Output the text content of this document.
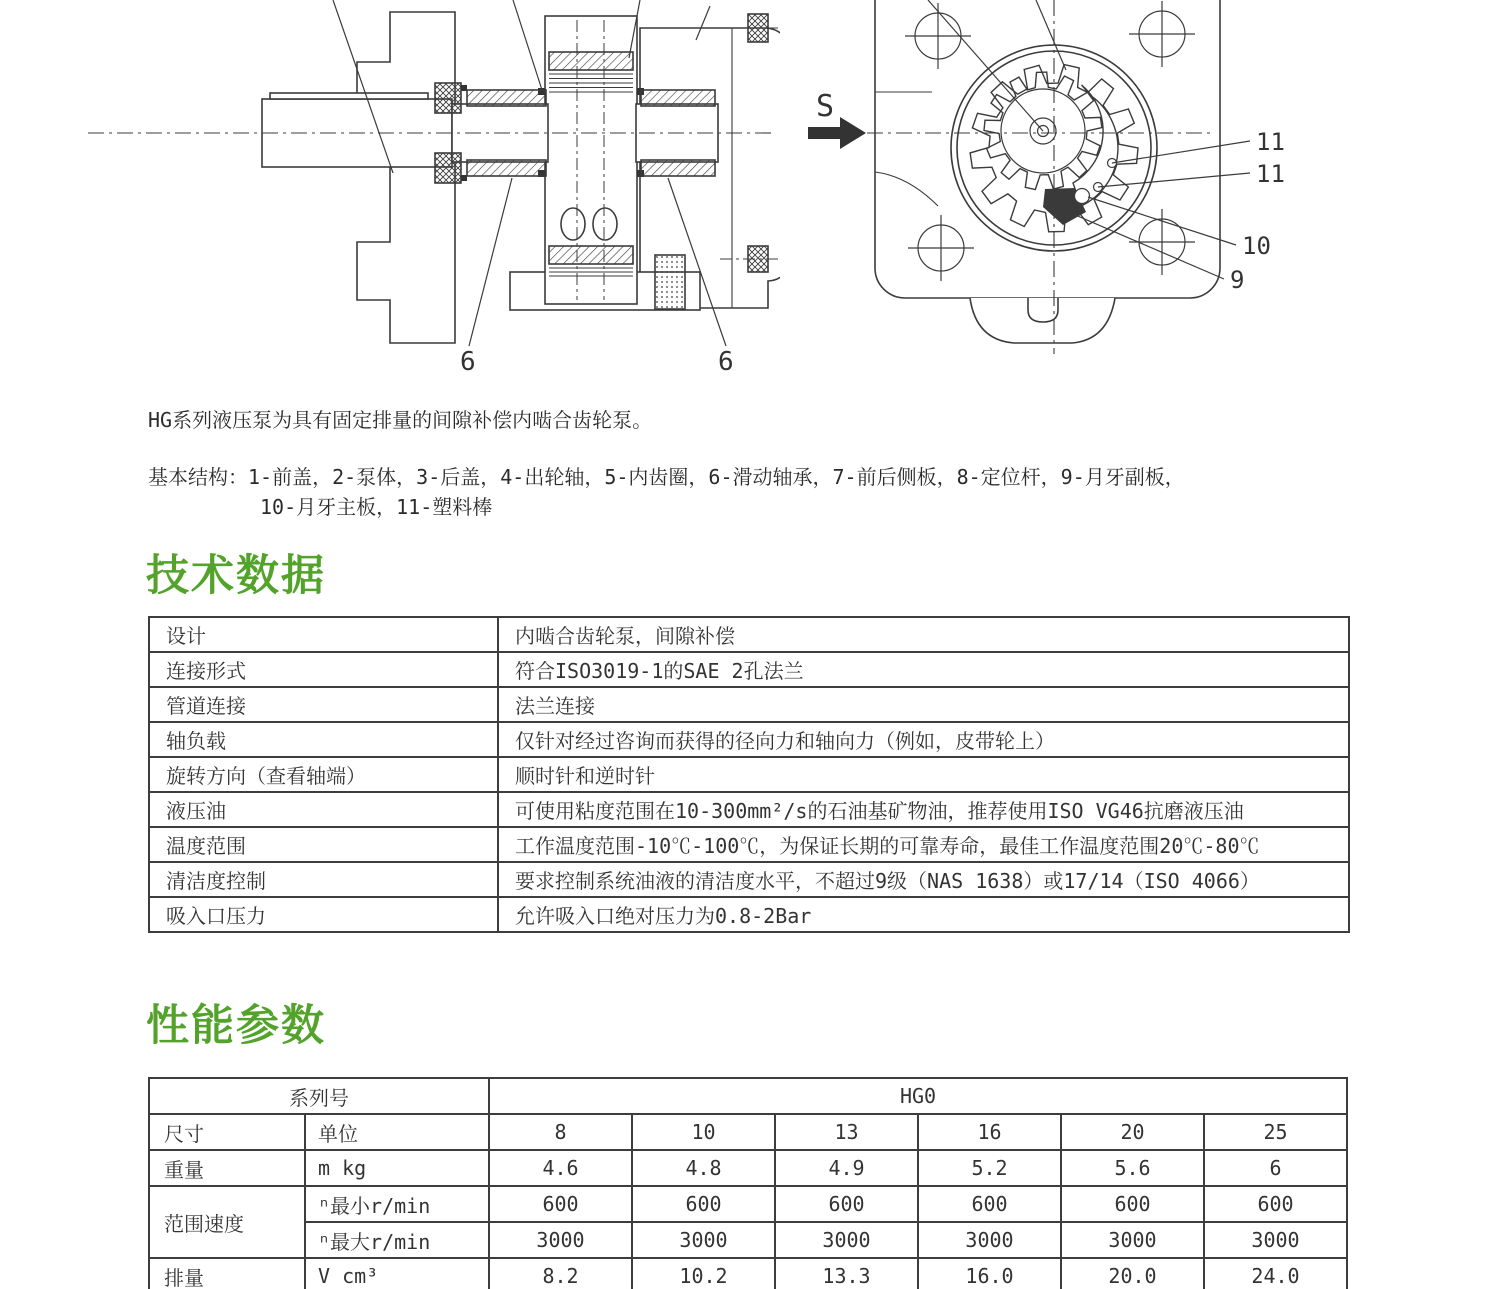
6	6
S
11
11
10
9
HG系列液压泵为具有固定排量的间隙补偿内啮合齿轮泵。
基本结构：1-前盖，2-泵体，3-后盖，4-出轮轴，5-内齿圈，6-滑动轴承，7-前后侧板，8-定位杆，9-月牙副板，
10-月牙主板，11-塑料棒
技术数据
设计	内啮合齿轮泵，间隙补偿
连接形式	符合ISO3019-1的SAE 2孔法兰
管道连接	法兰连接
轴负载	仅针对经过咨询而获得的径向力和轴向力（例如，皮带轮上）
旋转方向（查看轴端）	顺时针和逆时针
液压油	可使用粘度范围在10-300mm²/s的石油基矿物油，推荐使用ISO VG46抗磨液压油
温度范围	工作温度范围-10℃-100℃，为保证长期的可靠寿命，最佳工作温度范围20℃-80℃
清洁度控制	要求控制系统油液的清洁度水平，不超过9级（NAS 1638）或17/14（ISO 4066）
吸入口压力	允许吸入口绝对压力为0.8-2Bar
性能参数
系列号		HG0					
尺寸	单位	8	10	13	16	20	25
重量	m kg	4.6	4.8	4.9	5.2	5.6	6
范围速度	ⁿ最小r/min	600	600	600	600	600	600
	ⁿ最大r/min	3000	3000	3000	3000	3000	3000
排量	V cm³	8.2	10.2	13.3	16.0	20.0	24.0
